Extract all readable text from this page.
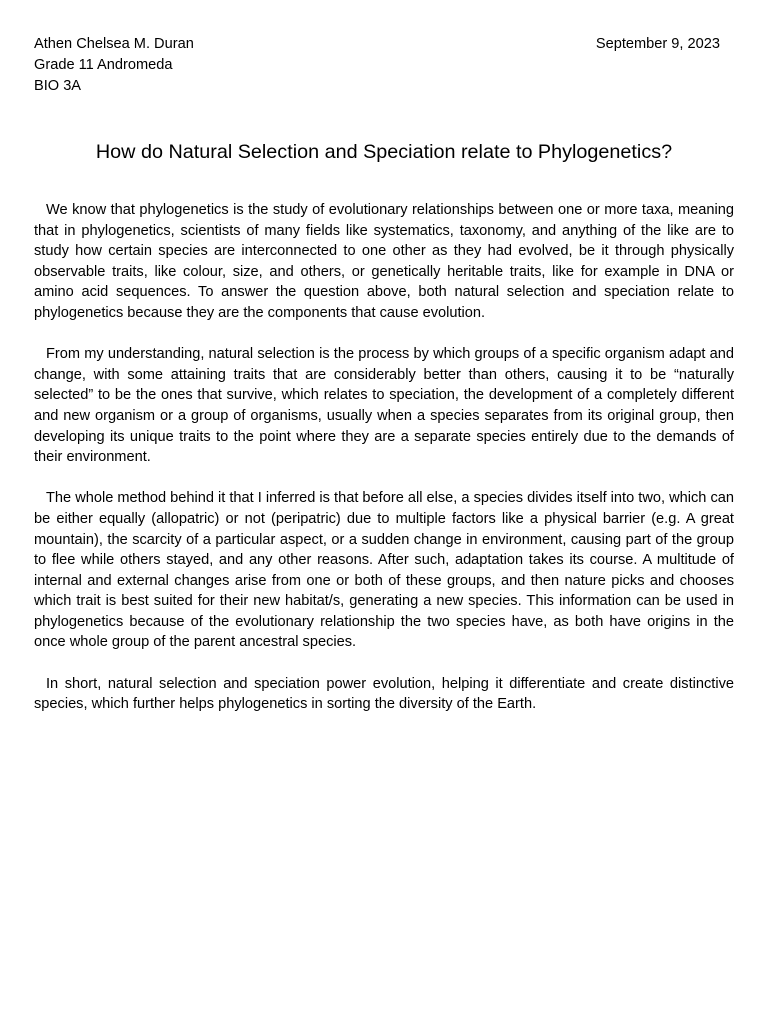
Athen Chelsea M. Duran
Grade 11 Andromeda
BIO 3A
September 9, 2023
How do Natural Selection and Speciation relate to Phylogenetics?

We know that phylogenetics is the study of evolutionary relationships between one or more taxa, meaning that in phylogenetics, scientists of many fields like systematics, taxonomy, and anything of the like are to study how certain species are interconnected to one other as they had evolved, be it through physically observable traits, like colour, size, and others, or genetically heritable traits, like for example in DNA or amino acid sequences. To answer the question above, both natural selection and speciation relate to phylogenetics because they are the components that cause evolution.

From my understanding, natural selection is the process by which groups of a specific organism adapt and change, with some attaining traits that are considerably better than others, causing it to be “naturally selected” to be the ones that survive, which relates to speciation, the development of a completely different and new organism or a group of organisms, usually when a species separates from its original group, then developing its unique traits to the point where they are a separate species entirely due to the demands of their environment.

The whole method behind it that I inferred is that before all else, a species divides itself into two, which can be either equally (allopatric) or not (peripatric) due to multiple factors like a physical barrier (e.g. A great mountain), the scarcity of a particular aspect, or a sudden change in environment, causing part of the group to flee while others stayed, and any other reasons. After such, adaptation takes its course. A multitude of internal and external changes arise from one or both of these groups, and then nature picks and chooses which trait is best suited for their new habitat/s, generating a new species. This information can be used in phylogenetics because of the evolutionary relationship the two species have, as both have origins in the once whole group of the parent ancestral species.

In short, natural selection and speciation power evolution, helping it differentiate and create distinctive species, which further helps phylogenetics in sorting the diversity of the Earth.
